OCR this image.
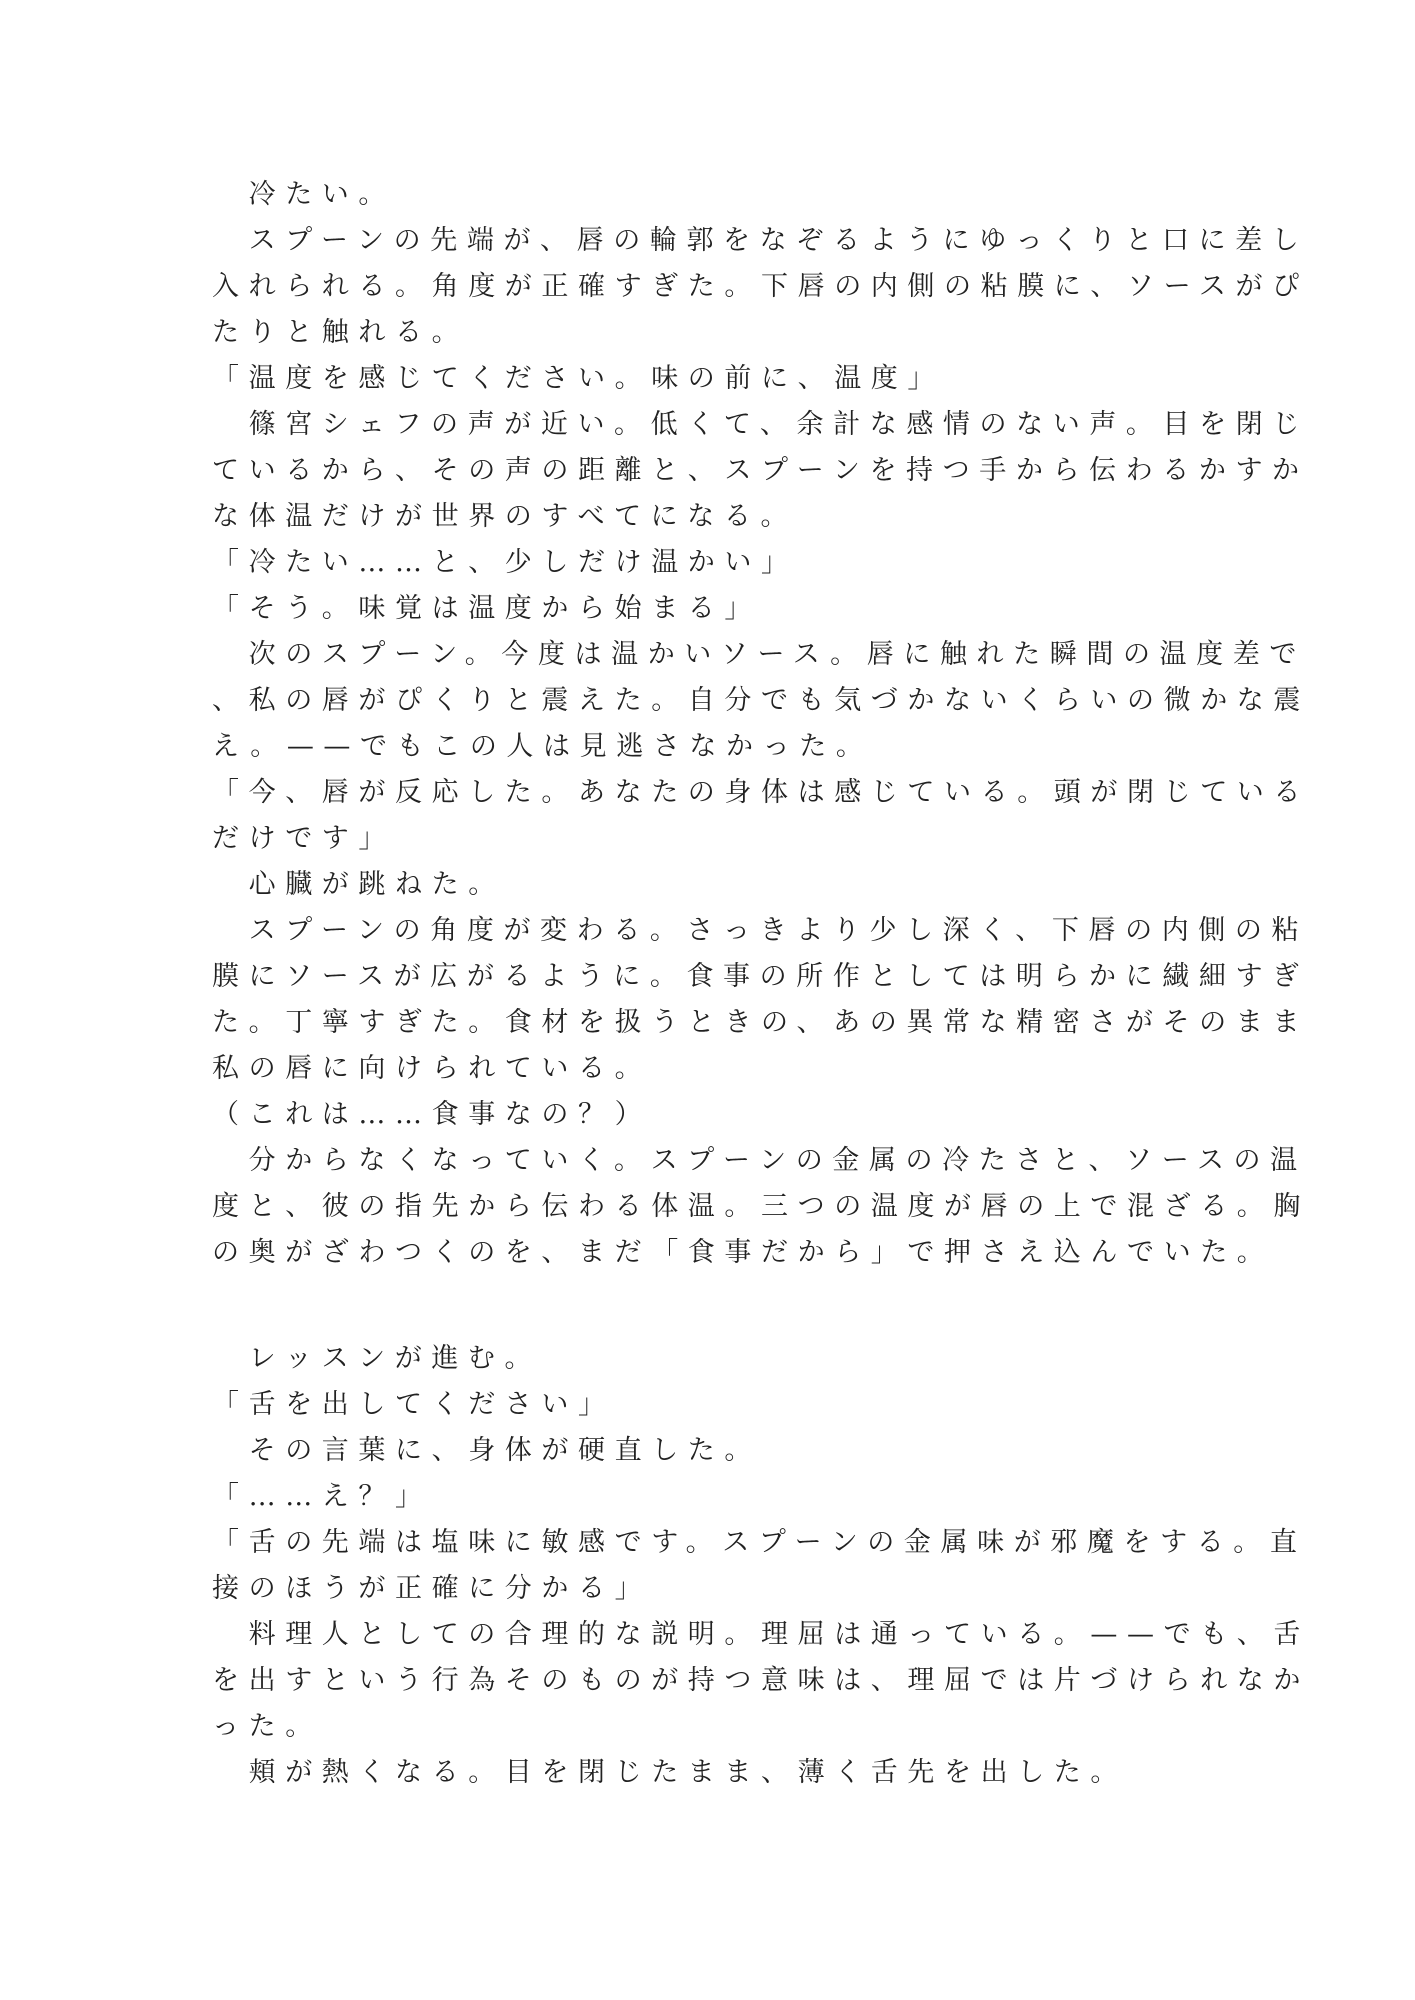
　冷たい。

　スプーンの先端が、唇の輪郭をなぞるようにゆっくりと口に差し
入れられる。角度が正確すぎた。下唇の内側の粘膜に、ソースがぴ
たりと触れる。

「温度を感じてください。味の前に、温度」

　篠宮シェフの声が近い。低くて、余計な感情のない声。目を閉じ
ているから、その声の距離と、スプーンを持つ手から伝わるかすか
な体温だけが世界のすべてになる。

「冷たい……と、少しだけ温かい」

「そう。味覚は温度から始まる」

　次のスプーン。今度は温かいソース。唇に触れた瞬間の温度差で
、私の唇がぴくりと震えた。自分でも気づかないくらいの微かな震
え。——でもこの人は見逃さなかった。

「今、唇が反応した。あなたの身体は感じている。頭が閉じている
だけです」

　心臓が跳ねた。

　スプーンの角度が変わる。さっきより少し深く、下唇の内側の粘
膜にソースが広がるように。食事の所作としては明らかに繊細すぎ
た。丁寧すぎた。食材を扱うときの、あの異常な精密さがそのまま
私の唇に向けられている。

（これは……食事なの？）

　分からなくなっていく。スプーンの金属の冷たさと、ソースの温
度と、彼の指先から伝わる体温。三つの温度が唇の上で混ざる。胸
の奥がざわつくのを、まだ「食事だから」で押さえ込んでいた。

　レッスンが進む。

「舌を出してください」

　その言葉に、身体が硬直した。

「……え？」

「舌の先端は塩味に敏感です。スプーンの金属味が邪魔をする。直
接のほうが正確に分かる」

　料理人としての合理的な説明。理屈は通っている。——でも、舌
を出すという行為そのものが持つ意味は、理屈では片づけられなか
った。

　頬が熱くなる。目を閉じたまま、薄く舌先を出した。
